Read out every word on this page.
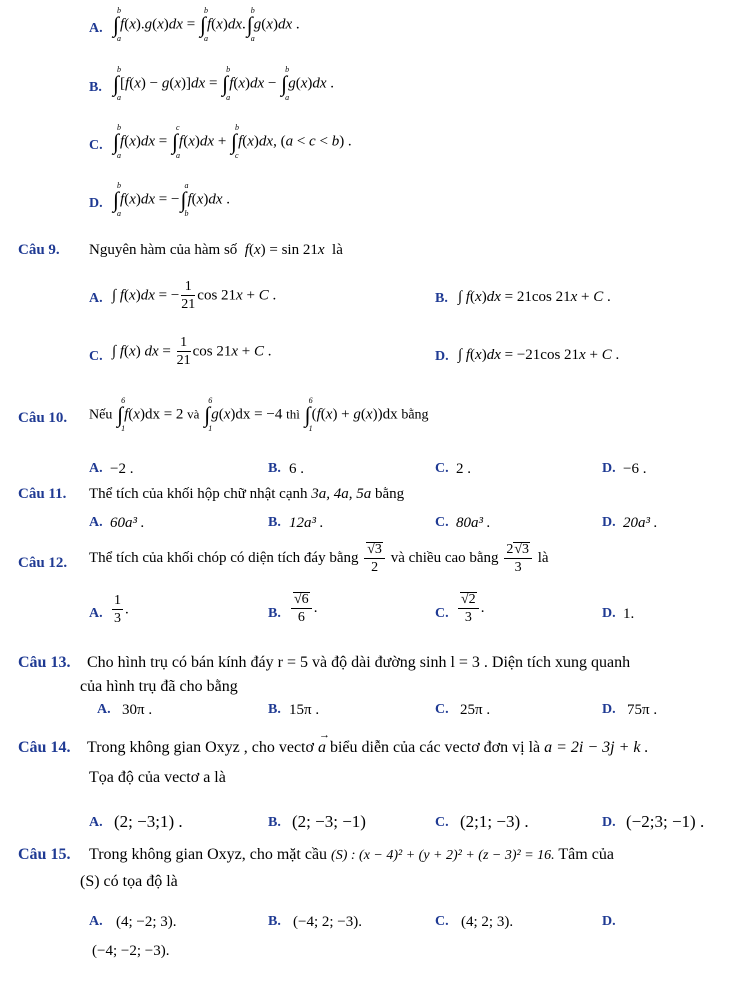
A. ∫
b
a
f(x).g(x)dx = ∫
b
a
f(x)dx.∫
b
a
g(x)dx .
B. ∫
b
a
[f(x) − g(x)]dx = ∫
b
a
f(x)dx − ∫
b
a
g(x)dx .
C. ∫
b
a
f(x)dx = ∫
c
a
f(x)dx + ∫
b
c
f(x)dx, (a < c < b) .
D. ∫
b
a
f(x)dx = −∫
a
b
f(x)dx .
Câu 9. Nguyên hàm của hàm số  f(x) = sin 21x là
A. ∫ f(x)dx = − $\frac{1}{21}$ cos 21x + C .	B. ∫ f(x)dx = 21cos 21x + C .
C. ∫ f(x) dx = $\frac{1}{21}$ cos 21x + C .	D. ∫ f(x)dx = −21cos 21x + C .
Câu 10. Nếu ∫
6
1
f(x)dx = 2 và ∫
6
1
g(x)dx = −4 thì ∫
6
1
(f(x) + g(x))dx bằng
A. −2 .	B. 6 .	C. 2 .	D. −6 .
Câu 11. Thể tích của khối hộp chữ nhật cạnh 3a, 4a, 5a bằng
A. 60a³ .	B. 12a³ .	C. 80a³ .	D. 20a³ .
Câu 12. Thể tích của khối chóp có diện tích đáy bằng $\frac{√3}{2}$ và chiều cao bằng $\frac{2√3}{3}$ là
A. $\frac{1}{3}$ .	B. $\frac{√6}{6}$ .	C. $\frac{√2}{3}$ .	D. 1.
Câu 13. Cho hình trụ có bán kính đáy r = 5 và độ dài đường sinh l = 3 . Diện tích xung quanh
của hình trụ đã cho bằng
A. 30π .	B. 15π .	C. 25π .	D. 75π .
Câu 14. Trong không gian Oxyz , cho vectơ
→
a biểu diễn của các vectơ đơn vị là a = 2i − 3j + k .
Tọa độ của vectơ a là
A. (2; −3;1) .	B. (2; −3; −1)	C. (2;1; −3) .	D. (−2;3; −1) .
Câu 15. Trong không gian Oxyz, cho mặt cầu (S) : (x − 4)² + (y + 2)² + (z − 3)² = 16. Tâm của
(S) có tọa độ là
A. (4; −2; 3).	B. (−4; 2; −3).	C. (4; 2; 3).	D.
(−4; −2; −3).
